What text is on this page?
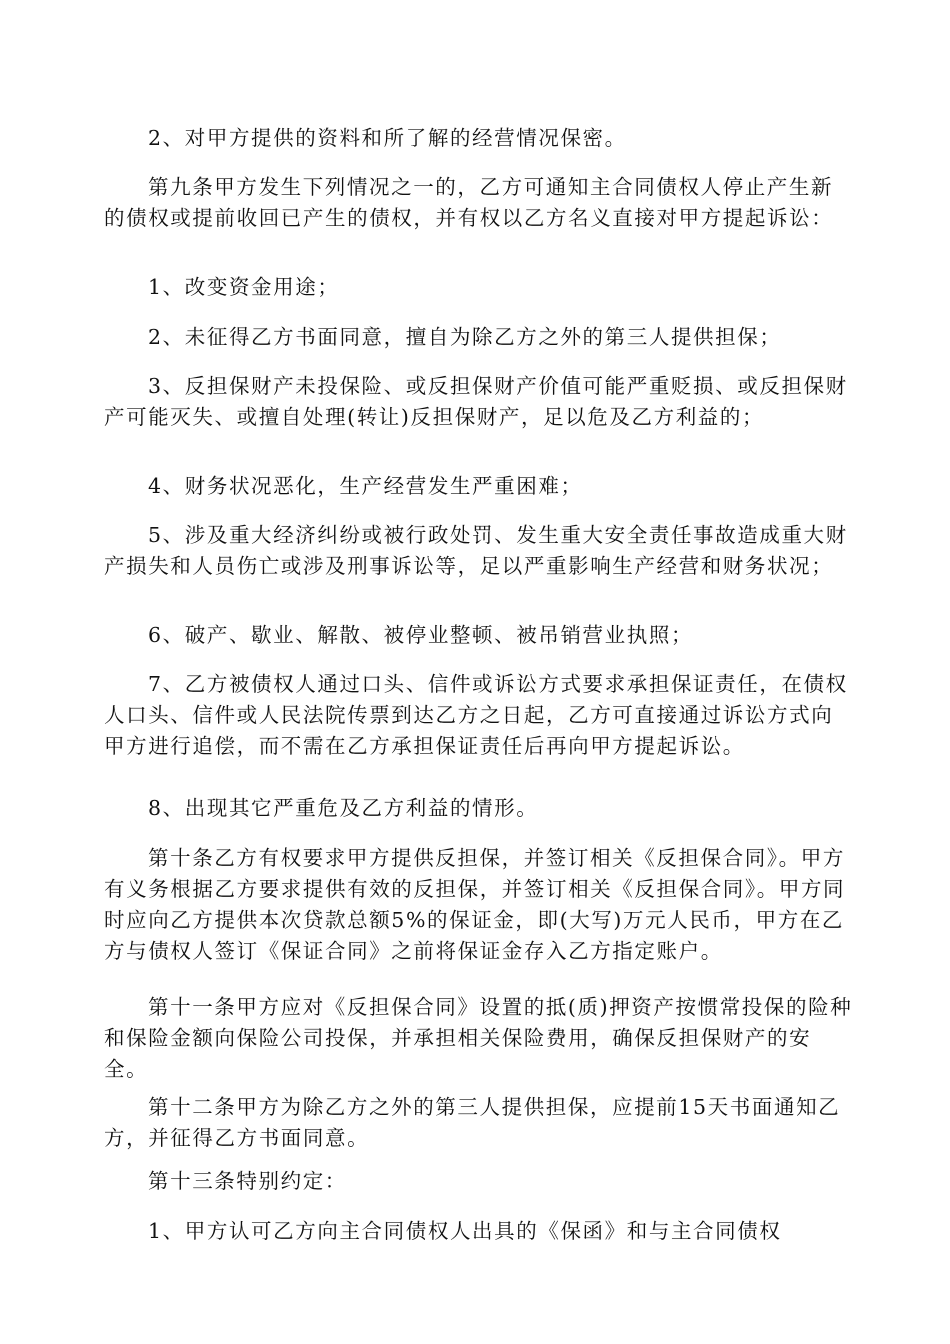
2、对甲方提供的资料和所了解的经营情况保密。

第九条甲方发生下列情况之一的，乙方可通知主合同债权人停止产生新的债权或提前收回已产生的债权，并有权以乙方名义直接对甲方提起诉讼：

1、改变资金用途；

2、未征得乙方书面同意，擅自为除乙方之外的第三人提供担保；

3、反担保财产未投保险、或反担保财产价值可能严重贬损、或反担保财产可能灭失、或擅自处理(转让)反担保财产，足以危及乙方利益的；

4、财务状况恶化，生产经营发生严重困难；

5、涉及重大经济纠纷或被行政处罚、发生重大安全责任事故造成重大财产损失和人员伤亡或涉及刑事诉讼等，足以严重影响生产经营和财务状况；

6、破产、歇业、解散、被停业整顿、被吊销营业执照；

7、乙方被债权人通过口头、信件或诉讼方式要求承担保证责任，在债权人口头、信件或人民法院传票到达乙方之日起，乙方可直接通过诉讼方式向甲方进行追偿，而不需在乙方承担保证责任后再向甲方提起诉讼。

8、出现其它严重危及乙方利益的情形。

第十条乙方有权要求甲方提供反担保，并签订相关《反担保合同》。甲方有义务根据乙方要求提供有效的反担保，并签订相关《反担保合同》。甲方同时应向乙方提供本次贷款总额5%的保证金，即(大写)万元人民币，甲方在乙方与债权人签订《保证合同》之前将保证金存入乙方指定账户。

第十一条甲方应对《反担保合同》设置的抵(质)押资产按惯常投保的险种和保险金额向保险公司投保，并承担相关保险费用，确保反担保财产的安全。

第十二条甲方为除乙方之外的第三人提供担保，应提前15天书面通知乙方，并征得乙方书面同意。

第十三条特别约定：

1、甲方认可乙方向主合同债权人出具的《保函》和与主合同债权
